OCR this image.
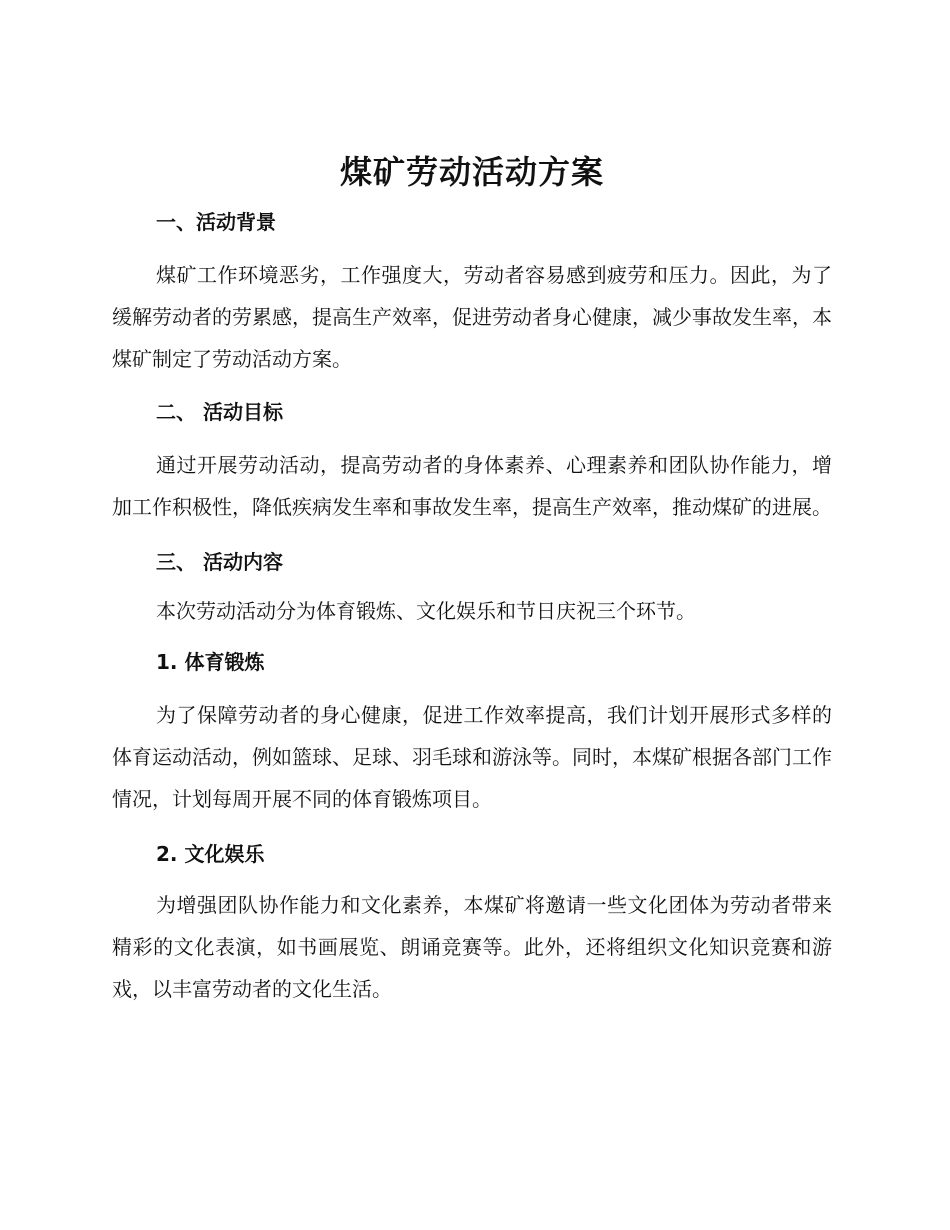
煤矿劳动活动方案
一、活动背景

煤矿工作环境恶劣，工作强度大，劳动者容易感到疲劳和压力。因此，为了缓解劳动者的劳累感，提高生产效率，促进劳动者身心健康，减少事故发生率，本煤矿制定了劳动活动方案。

二、 活动目标

通过开展劳动活动，提高劳动者的身体素养、心理素养和团队协作能力，增加工作积极性，降低疾病发生率和事故发生率，提高生产效率，推动煤矿的进展。

三、 活动内容

本次劳动活动分为体育锻炼、文化娱乐和节日庆祝三个环节。

1. 体育锻炼

为了保障劳动者的身心健康，促进工作效率提高，我们计划开展形式多样的体育运动活动，例如篮球、足球、羽毛球和游泳等。同时，本煤矿根据各部门工作情况，计划每周开展不同的体育锻炼项目。

2. 文化娱乐

为增强团队协作能力和文化素养，本煤矿将邀请一些文化团体为劳动者带来精彩的文化表演，如书画展览、朗诵竞赛等。此外，还将组织文化知识竞赛和游戏，以丰富劳动者的文化生活。
